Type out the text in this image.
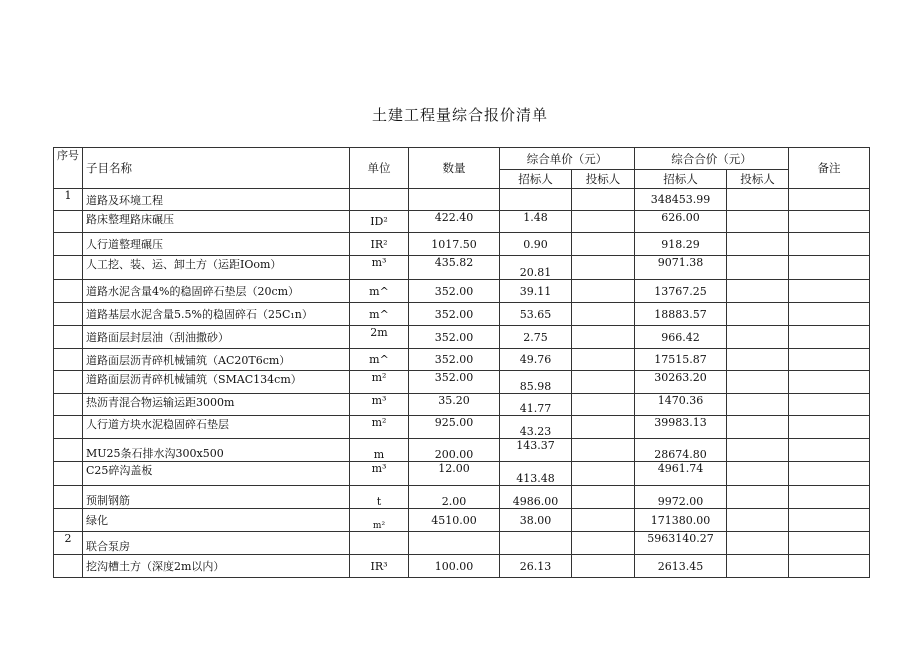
土建工程量综合报价清单
序号	子目名称	单位	数量	综合单价（元）		综合合价（元）		备注
				招标人	投标人	招标人	投标人	
1	道路及环境工程					348453.99		
	路床整理路床碾压	ID²	422.40	1.48		626.00		
	人行道整理碾压	IR²	1017.50	0.90		918.29		
	人工挖、装、运、卸土方（运距IOom）	m³	435.82	20.81		9071.38		
	道路水泥含量4%的稳固碎石垫层（20cm）	m^	352.00	39.11		13767.25		
	道路基层水泥含量5.5%的稳固碎石（25C₁n）	m^	352.00	53.65		18883.57		
	道路面层封层油（刮油撒砂）	2m	352.00	2.75		966.42		
	道路面层沥青碎机械铺筑（AC20T6cm）	m^	352.00	49.76		17515.87		
	道路面层沥青碎机械铺筑（SMAC134cm）	m²	352.00	85.98		30263.20		
	热沥青混合物运输运距3000m	m³	35.20	41.77		1470.36		
	人行道方块水泥稳固碎石垫层	m²	925.00	43.23		39983.13		
	MU25条石排水沟300x500	m	200.00	143.37		28674.80		
	C25碎沟盖板	m³	12.00	413.48		4961.74		
	预制钢筋	t	2.00	4986.00		9972.00		
	绿化	m²	4510.00	38.00		171380.00		
2	联合泵房					5963140.27		
	挖沟槽土方（深度2m以内）	IR³	100.00	26.13		2613.45		
